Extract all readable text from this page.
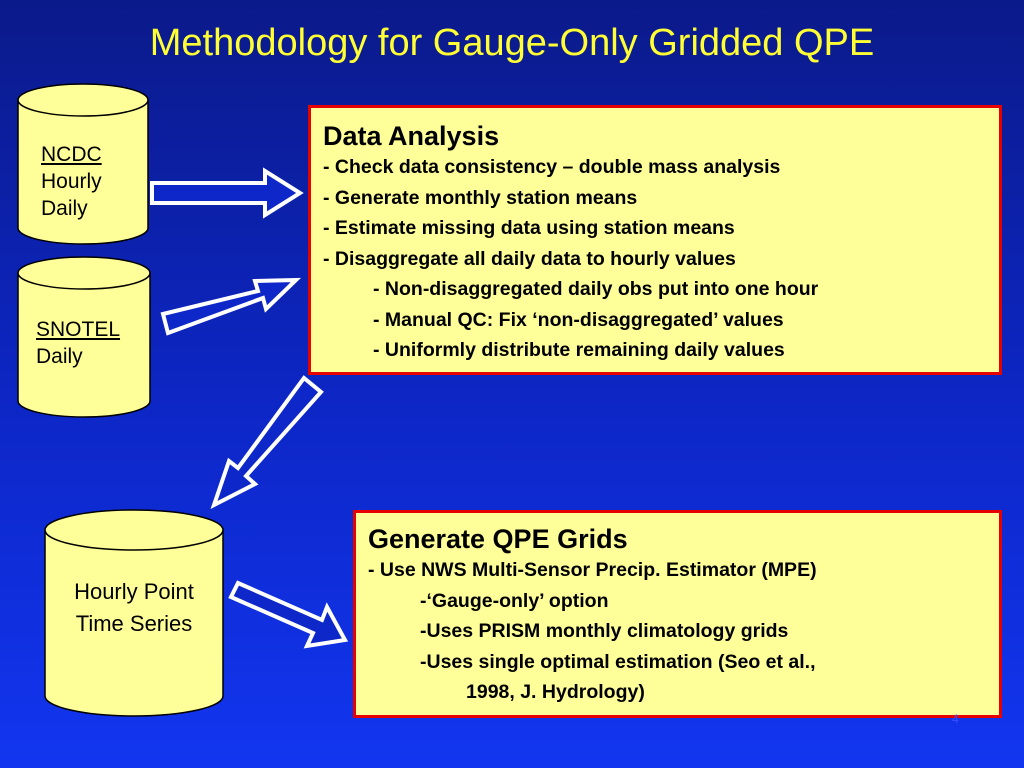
Methodology for Gauge-Only Gridded QPE
NCDC
Hourly
Daily
SNOTEL
Daily
Hourly Point
Time Series
Data Analysis
- Check data consistency – double mass analysis
- Generate monthly station means
- Estimate missing data using station means
- Disaggregate all daily data to hourly values
- Non-disaggregated daily obs put into one hour
- Manual QC: Fix ‘non-disaggregated’ values
- Uniformly distribute remaining daily values
Generate QPE Grids
- Use NWS Multi-Sensor Precip. Estimator (MPE)
-‘Gauge-only’ option
-Uses PRISM monthly climatology grids
-Uses single optimal estimation (Seo et al.,
1998, J. Hydrology)
4
